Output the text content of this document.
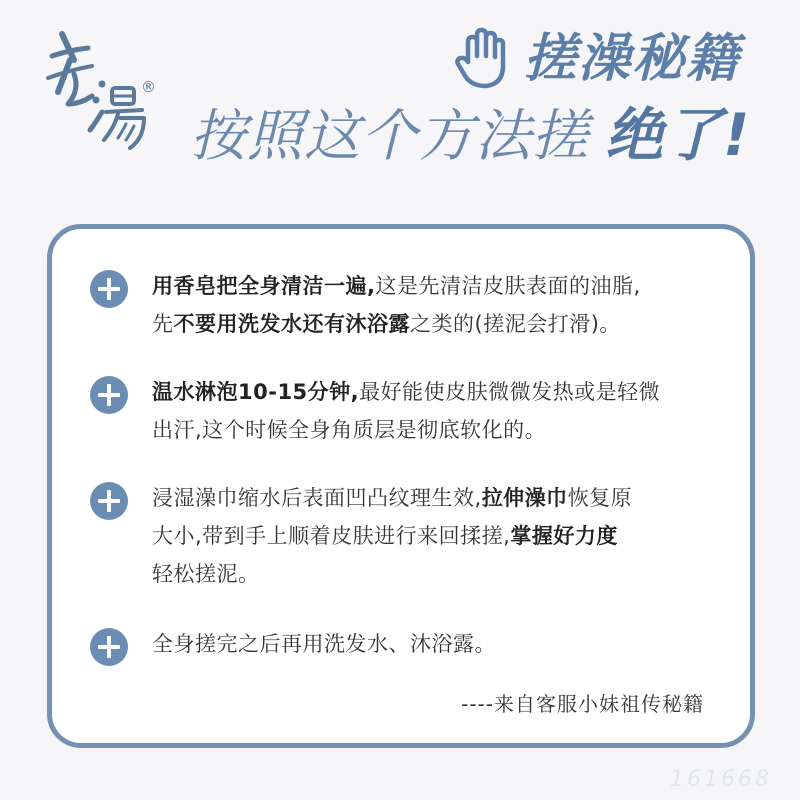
®	搓澡秘籍
按照这个方法搓 绝了!
用香皂把全身清洁一遍,这是先清洁皮肤表面的油脂,
先不要用洗发水还有沐浴露之类的(搓泥会打滑)。
温水淋泡10-15分钟,最好能使皮肤微微发热或是轻微
出汗,这个时候全身角质层是彻底软化的。
浸湿澡巾缩水后表面凹凸纹理生效,拉伸澡巾恢复原
大小,带到手上顺着皮肤进行来回揉搓,掌握好力度
轻松搓泥。
全身搓完之后再用洗发水、沐浴露。
----来自客服小妹祖传秘籍
161668
